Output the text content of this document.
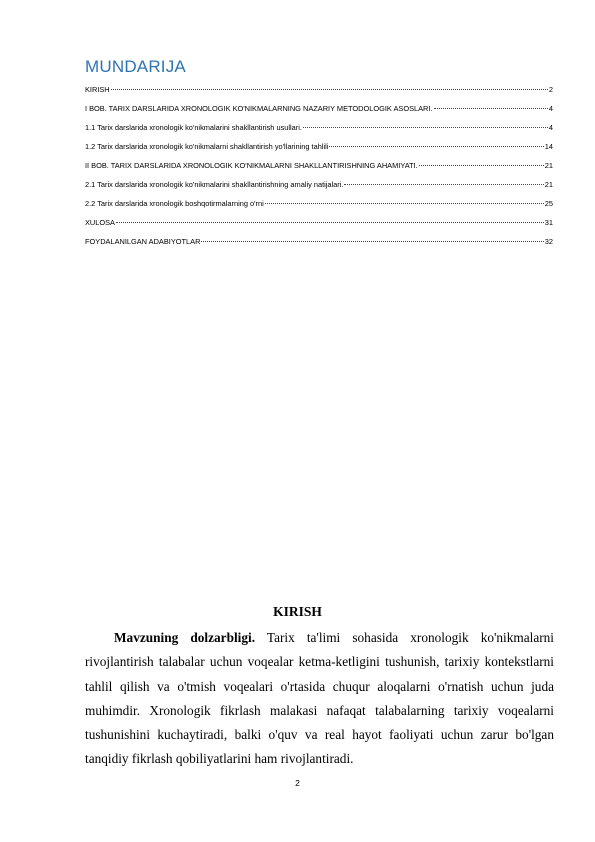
MUNDARIJA
KIRISH	2
I BOB. TARIX DARSLARIDA XRONOLOGIK KO'NIKMALARNING NAZARIY METODOLOGIK ASOSLARI.	4
1.1 Tarix darslarida xronologik ko'nikmalarini shakllantirish usullari.	4
1.2 Tarix darslarida xronologik ko'nikmalarni shakllantirish yo'llarining tahlili	14
II BOB. TARIX DARSLARIDA XRONOLOGIK KO'NIKMALARNI SHAKLLANTIRISHNING AHAMIYATI.	21
2.1 Tarix darslarida xronologik ko'nikmalarini shakllantirishning amaliy natijalari.	21
2.2 Tarix darslarida xronologik boshqotirmalarning o'rni	25
XULOSA	31
FOYDALANILGAN ADABIYOTLAR	32
KIRISH

Mavzuning dolzarbligi. Tarix ta'limi sohasida xronologik ko'nikmalarni rivojlantirish talabalar uchun voqealar ketma-ketligini tushunish, tarixiy kontekstlarni tahlil qilish va o'tmish voqealari o'rtasida chuqur aloqalarni o'rnatish uchun juda muhimdir. Xronologik fikrlash malakasi nafaqat talabalarning tarixiy voqealarni tushunishini kuchaytiradi, balki o'quv va real hayot faoliyati uchun zarur bo'lgan tanqidiy fikrlash qobiliyatlarini ham rivojlantiradi.

2
